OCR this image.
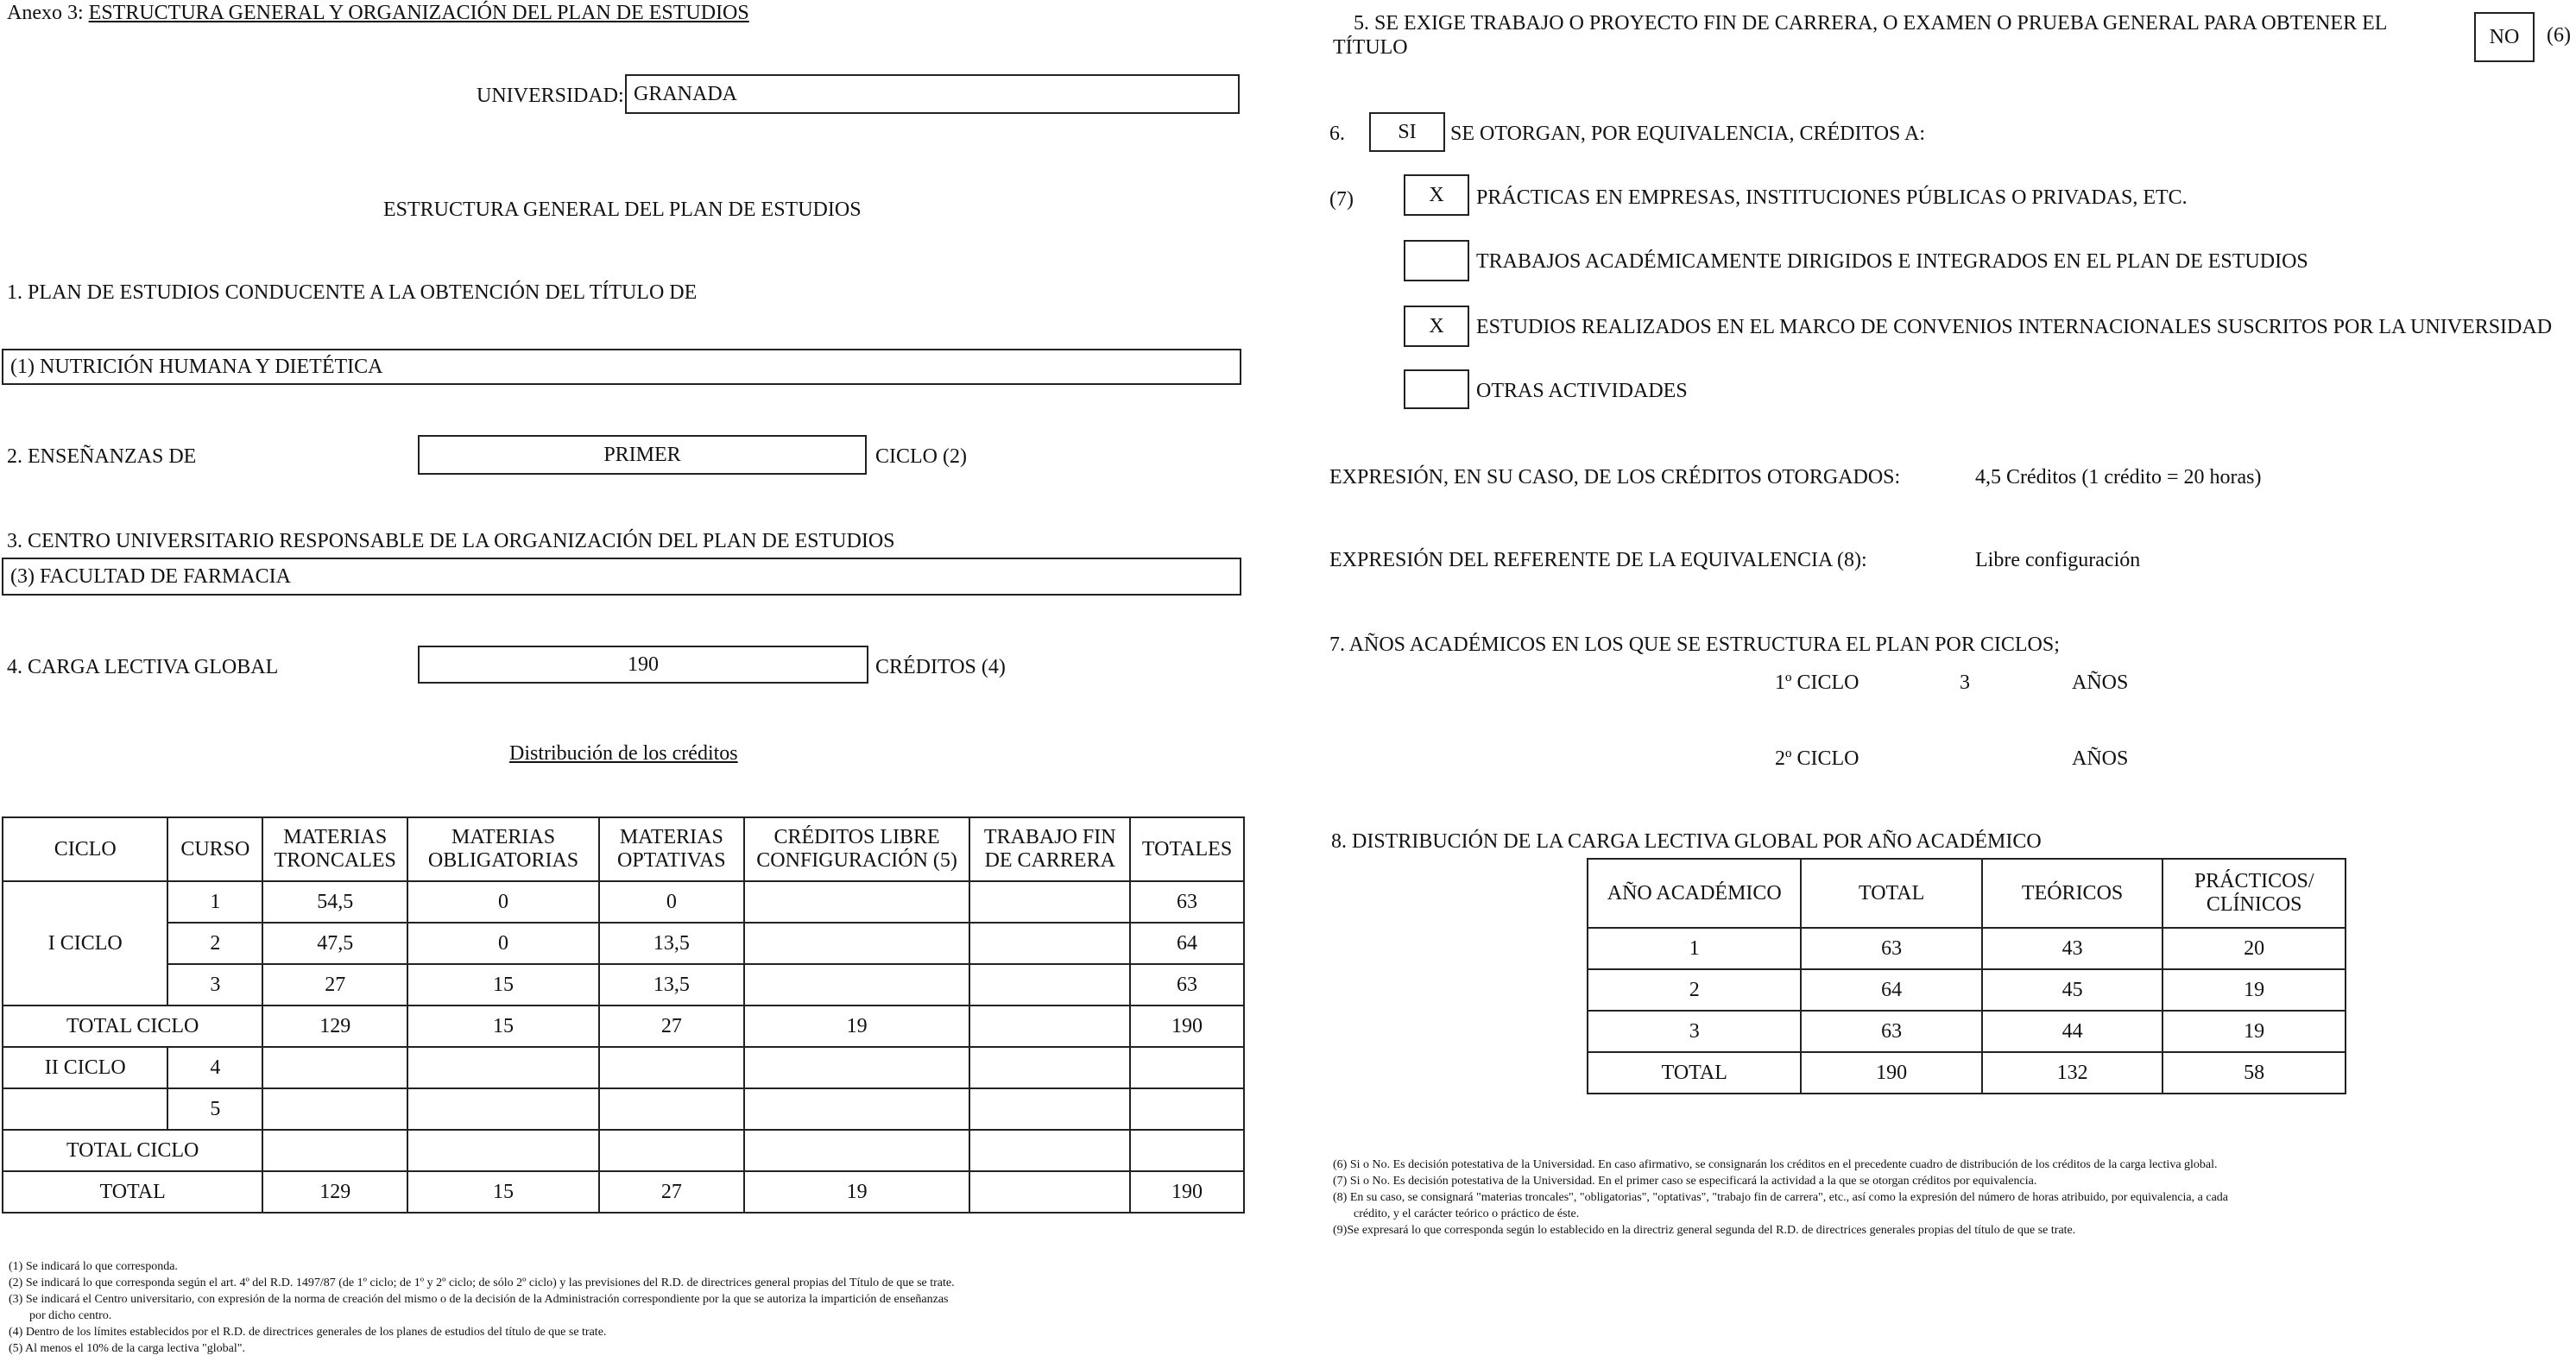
Anexo 3: ESTRUCTURA GENERAL Y ORGANIZACIÓN DEL PLAN DE ESTUDIOS
UNIVERSIDAD: GRANADA
ESTRUCTURA GENERAL DEL PLAN DE ESTUDIOS
1. PLAN DE ESTUDIOS CONDUCENTE A LA OBTENCIÓN DEL TÍTULO DE
(1) NUTRICIÓN HUMANA Y DIETÉTICA
2. ENSEÑANZAS DE	PRIMER	CICLO (2)
3. CENTRO UNIVERSITARIO RESPONSABLE DE LA ORGANIZACIÓN DEL PLAN DE ESTUDIOS
(3) FACULTAD DE FARMACIA
4. CARGA LECTIVA GLOBAL	190	CRÉDITOS (4)
Distribución de los créditos
CICLO	CURSO	MATERIAS TRONCALES	MATERIAS OBLIGATORIAS	MATERIAS OPTATIVAS	CRÉDITOS LIBRE CONFIGURACIÓN (5)	TRABAJO FIN DE CARRERA	TOTALES
I CICLO	1	54,5	0	0			63
	2	47,5	0	13,5			64
	3	27	15	13,5			63
TOTAL CICLO		129	15	27	19		190
II CICLO	4						
	5						
TOTAL CICLO							
TOTAL		129	15	27	19		190
(1) Se indicará lo que corresponda.
(2) Se indicará lo que corresponda según el art. 4º del R.D. 1497/87 (de 1º ciclo; de 1º y 2º ciclo; de sólo 2º ciclo) y las previsiones del R.D. de directrices general propias del Título de que se trate.
(3) Se indicará el Centro universitario, con expresión de la norma de creación del mismo o de la decisión de la Administración correspondiente por la que se autoriza la impartición de enseñanzas
por dicho centro.
(4) Dentro de los límites establecidos por el R.D. de directrices generales de los planes de estudios del título de que se trate.
(5) Al menos el 10% de la carga lectiva "global".
5. SE EXIGE TRABAJO O PROYECTO FIN DE CARRERA, O EXAMEN O PRUEBA GENERAL PARA OBTENER EL
TÍTULO	NO (6)
6.	SI SE OTORGAN, POR EQUIVALENCIA, CRÉDITOS A:
(7)	X PRÁCTICAS EN EMPRESAS, INSTITUCIONES PÚBLICAS O PRIVADAS, ETC.
TRABAJOS ACADÉMICAMENTE DIRIGIDOS E INTEGRADOS EN EL PLAN DE ESTUDIOS
X ESTUDIOS REALIZADOS EN EL MARCO DE CONVENIOS INTERNACIONALES SUSCRITOS POR LA UNIVERSIDAD
OTRAS ACTIVIDADES
EXPRESIÓN, EN SU CASO, DE LOS CRÉDITOS OTORGADOS:	4,5 Créditos (1 crédito = 20 horas)
EXPRESIÓN DEL REFERENTE DE LA EQUIVALENCIA (8):	Libre configuración
7. AÑOS ACADÉMICOS EN LOS QUE SE ESTRUCTURA EL PLAN POR CICLOS;
1º CICLO	3	AÑOS
2º CICLO	AÑOS
8. DISTRIBUCIÓN DE LA CARGA LECTIVA GLOBAL POR AÑO ACADÉMICO
AÑO ACADÉMICO	TOTAL	TEÓRICOS	PRÁCTICOS/ CLÍNICOS
1	63	43	20
2	64	45	19
3	63	44	19
TOTAL	190	132	58
(6) Si o No. Es decisión potestativa de la Universidad. En caso afirmativo, se consignarán los créditos en el precedente cuadro de distribución de los créditos de la carga lectiva global.
(7) Si o No. Es decisión potestativa de la Universidad. En el primer caso se especificará la actividad a la que se otorgan créditos por equivalencia.
(8) En su caso, se consignará "materias troncales", "obligatorias", "optativas", "trabajo fin de carrera", etc., así como la expresión del número de horas atribuido, por equivalencia, a cada
crédito, y el carácter teórico o práctico de éste.
(9)Se expresará lo que corresponda según lo establecido en la directriz general segunda del R.D. de directrices generales propias del título de que se trate.
